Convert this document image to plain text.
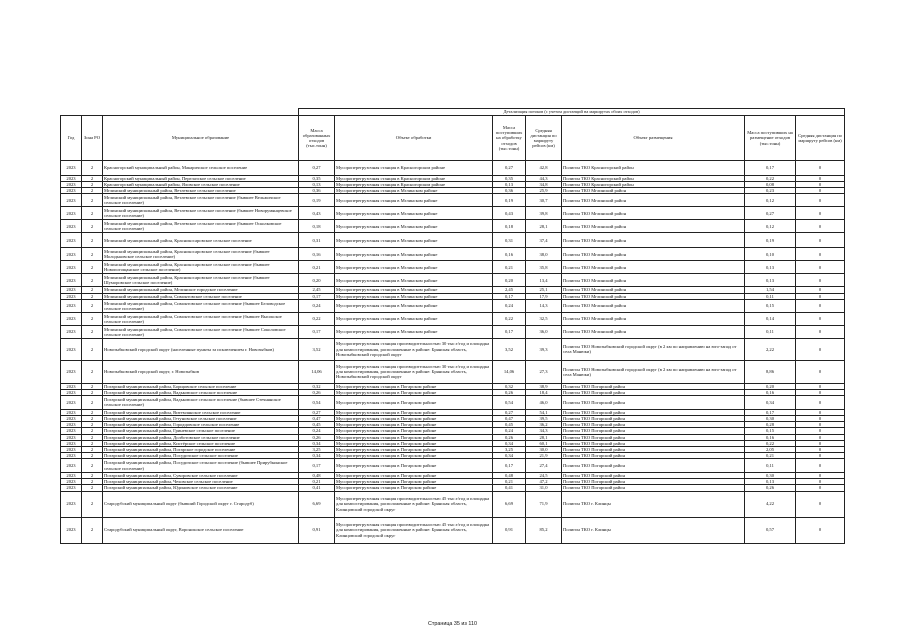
			Детализация потоков (с учетом дистанций на маршрутах обоих отходов)						
Год	Зона РО	Муниципальное образование	Масса образованных отходов (тыс.тонн)	Объект обработки	Масса поступивших на обработку отходов (тыс.тонн)	Средняя дистанция по маршруту рейсов (км)	Объект размещения	Масса поступивших на размещение отходов (тыс.тонн)	Средняя дистанция по маршруту рейсов (км)
2023	2	Красногорский муниципальный район, Макаричское сельское поселение	0,27	Мусороперегрузочная станция в Красногорском районе	0,27	42,8	Полигон ТКО Красногорский район	0,17	0
2023	2	Красногорский муниципальный район, Перелазское сельское поселение	0,35	Мусороперегрузочная станция в Красногорском районе	0,35	44,3	Полигон ТКО Красногорский район	0,22	0
2023	2	Красногорский муниципальный район, Яловское сельское поселение	0,13	Мусороперегрузочная станция в Красногорском районе	0,13	34,8	Полигон ТКО Красногорский район	0,08	0
2023	2	Мглинский муниципальный район, Ветлевское сельское поселение	0,36	Мусороперегрузочная станция в Мглинском районе	0,36	25,9	Полигон ТКО Мглинский район	0,23	0
2023	2	Мглинский муниципальный район, Ветлевское сельское поселение (бывшее Вельжичское сельское поселение)	0,19	Мусороперегрузочная станция в Мглинском районе	0,19	30,7	Полигон ТКО Мглинский район	0,12	0
2023	2	Мглинский муниципальный район, Ветлевское сельское поселение (бывшее Новорумянцевское сельское поселение)	0,43	Мусороперегрузочная станция в Мглинском районе	0,43	39,8	Полигон ТКО Мглинский район	0,27	0
2023	2	Мглинский муниципальный район, Ветлевское сельское поселение (бывшее Осколковское сельское поселение)	0,18	Мусороперегрузочная станция в Мглинском районе	0,18	28,1	Полигон ТКО Мглинский район	0,12	0
2023	2	Мглинский муниципальный район, Краснокосаровское сельское поселение	0,31	Мусороперегрузочная станция в Мглинском районе	0,31	37,4	Полигон ТКО Мглинский район	0,19	0
2023	2	Мглинский муниципальный район, Краснокосаровское сельское поселение (бывшее Молодьковское сельское поселение)	0,16	Мусороперегрузочная станция в Мглинском районе	0,16	38,0	Полигон ТКО Мглинский район	0,10	0
2023	2	Мглинский муниципальный район, Краснокосаровское сельское поселение (бывшее Новопогощанское сельское поселение)	0,21	Мусороперегрузочная станция в Мглинском районе	0,21	35,8	Полигон ТКО Мглинский район	0,13	0
2023	2	Мглинский муниципальный район, Краснокосаровское сельское поселение (бывшее Шуморовское сельское поселение)	0,20	Мусороперегрузочная станция в Мглинском районе	0,20	13,4	Полигон ТКО Мглинский район	0,13	0
2023	2	Мглинский муниципальный район, Мглинское городское поселение	2,45	Мусороперегрузочная станция в Мглинском районе	2,45	25,1	Полигон ТКО Мглинский район	1,54	0
2023	2	Мглинский муниципальный район, Симонтовское сельское поселение	0,17	Мусороперегрузочная станция в Мглинском районе	0,17	17,9	Полигон ТКО Мглинский район	0,11	0
2023	2	Мглинский муниципальный район, Симонтовское сельское поселение (бывшее Беловодское сельское поселение)	0,24	Мусороперегрузочная станция в Мглинском районе	0,24	14,3	Полигон ТКО Мглинский район	0,15	0
2023	2	Мглинский муниципальный район, Симонтовское сельское поселение (бывшее Высокское сельское поселение)	0,22	Мусороперегрузочная станция в Мглинском районе	0,22	32,5	Полигон ТКО Мглинский район	0,14	0
2023	2	Мглинский муниципальный район, Симонтовское сельское поселение (бывшее Соколовское сельское поселение)	0,17	Мусороперегрузочная станция в Мглинском районе	0,17	36,0	Полигон ТКО Мглинский район	0,11	0
2023	2	Новозыбковский городской округ (населенные пункты за исключением г. Новозыбков)	3,52	Мусороперегрузочная станция производительностью 30 тыс.т/год и площадка для компостирования, расположенные в районе: Брянская область, Новозыбковский городской округ	3,52	39,3	Полигон ТКО Новозыбковский городской округ (в 2 км по направлению на юго-запад от села Манюки)	2,22	0
2023	2	Новозыбковский городской округ, г. Новозыбков	14,06	Мусороперегрузочная станция производительностью 30 тыс.т/год и площадка для компостирования, расположенные в районе: Брянская область, Новозыбковский городской округ	14,06	27,3	Полигон ТКО Новозыбковский городской округ (в 2 км по направлению на юго-запад от села Манюки)	8,86	0
2023	2	Погарский муниципальный район, Борщовское сельское поселение	0,32	Мусороперегрузочная станция в Погарском районе	0,32	38,9	Полигон ТКО Погарский район	0,20	0
2023	2	Погарский муниципальный район, Вадьковское сельское поселение	0,26	Мусороперегрузочная станция в Погарском районе	0,26	18,4	Полигон ТКО Погарский район	0,16	0
2023	2	Погарский муниципальный район, Вадьковское сельское поселение (бывшее Стечнянское сельское поселение)	0,54	Мусороперегрузочная станция в Погарском районе	0,54	46,0	Полигон ТКО Погарский район	0,34	0
2023	2	Погарский муниципальный район, Витемлянское сельское поселение	0,27	Мусороперегрузочная станция в Погарском районе	0,27	54,1	Полигон ТКО Погарский район	0,17	0
2023	2	Погарский муниципальный район, Гетуновское сельское поселение	0,47	Мусороперегрузочная станция в Погарском районе	0,47	39,5	Полигон ТКО Погарский район	0,30	0
2023	2	Погарский муниципальный район, Городцовское сельское поселение	0,45	Мусороперегрузочная станция в Погарском районе	0,45	36,2	Полигон ТКО Погарский район	0,28	0
2023	2	Погарский муниципальный район, Гриневское сельское поселение	0,24	Мусороперегрузочная станция в Погарском районе	0,24	34,3	Полигон ТКО Погарский район	0,15	0
2023	2	Погарский муниципальный район, Долботовское сельское поселение	0,26	Мусороперегрузочная станция в Погарском районе	0,26	28,1	Полигон ТКО Погарский район	0,16	0
2023	2	Погарский муниципальный район, Кистёрское сельское поселение	0,34	Мусороперегрузочная станция в Погарском районе	0,34	60,1	Полигон ТКО Погарский район	0,22	0
2023	2	Погарский муниципальный район, Погарское городское поселение	3,25	Мусороперегрузочная станция в Погарском районе	3,25	30,0	Полигон ТКО Погарский район	2,05	0
2023	2	Погарский муниципальный район, Посудичское сельское поселение	0,34	Мусороперегрузочная станция в Погарском районе	0,34	21,9	Полигон ТКО Погарский район	0,21	0
2023	2	Погарский муниципальный район, Посудичское сельское поселение (бывшее Прирубкинское сельское поселение)	0,17	Мусороперегрузочная станция в Погарском районе	0,17	27,4	Полигон ТКО Погарский район	0,11	0
2023	2	Погарский муниципальный район, Суворовское сельское поселение	0,48	Мусороперегрузочная станция в Погарском районе	0,48	24,5	Полигон ТКО Погарский район	0,30	0
2023	2	Погарский муниципальный район, Чеховское сельское поселение	0,21	Мусороперегрузочная станция в Погарском районе	0,21	47,2	Полигон ТКО Погарский район	0,13	0
2023	2	Погарский муниципальный район, Юдиновское сельское поселение	0,41	Мусороперегрузочная станция в Погарском районе	0,41	31,0	Полигон ТКО Погарский район	0,26	0
2023	2	Стародубский муниципальный округ (бывший Городской округ г. Стародуб)	6,69	Мусороперегрузочная станция производительностью 45 тыс.т/год и площадка для компостирования, расположенные в районе: Брянская область, Клинцовский городской округ	6,69	71,9	Полигон ТКО г. Клинцы	4,22	0
2023	2	Стародубский муниципальный округ, Воронокское сельское поселение	0,91	Мусороперегрузочная станция производительностью 45 тыс.т/год и площадка для компостирования, расположенные в районе: Брянская область, Клинцовский городской округ	0,91	85,2	Полигон ТКО г. Клинцы	0,57	0
Страница 35 из 110
